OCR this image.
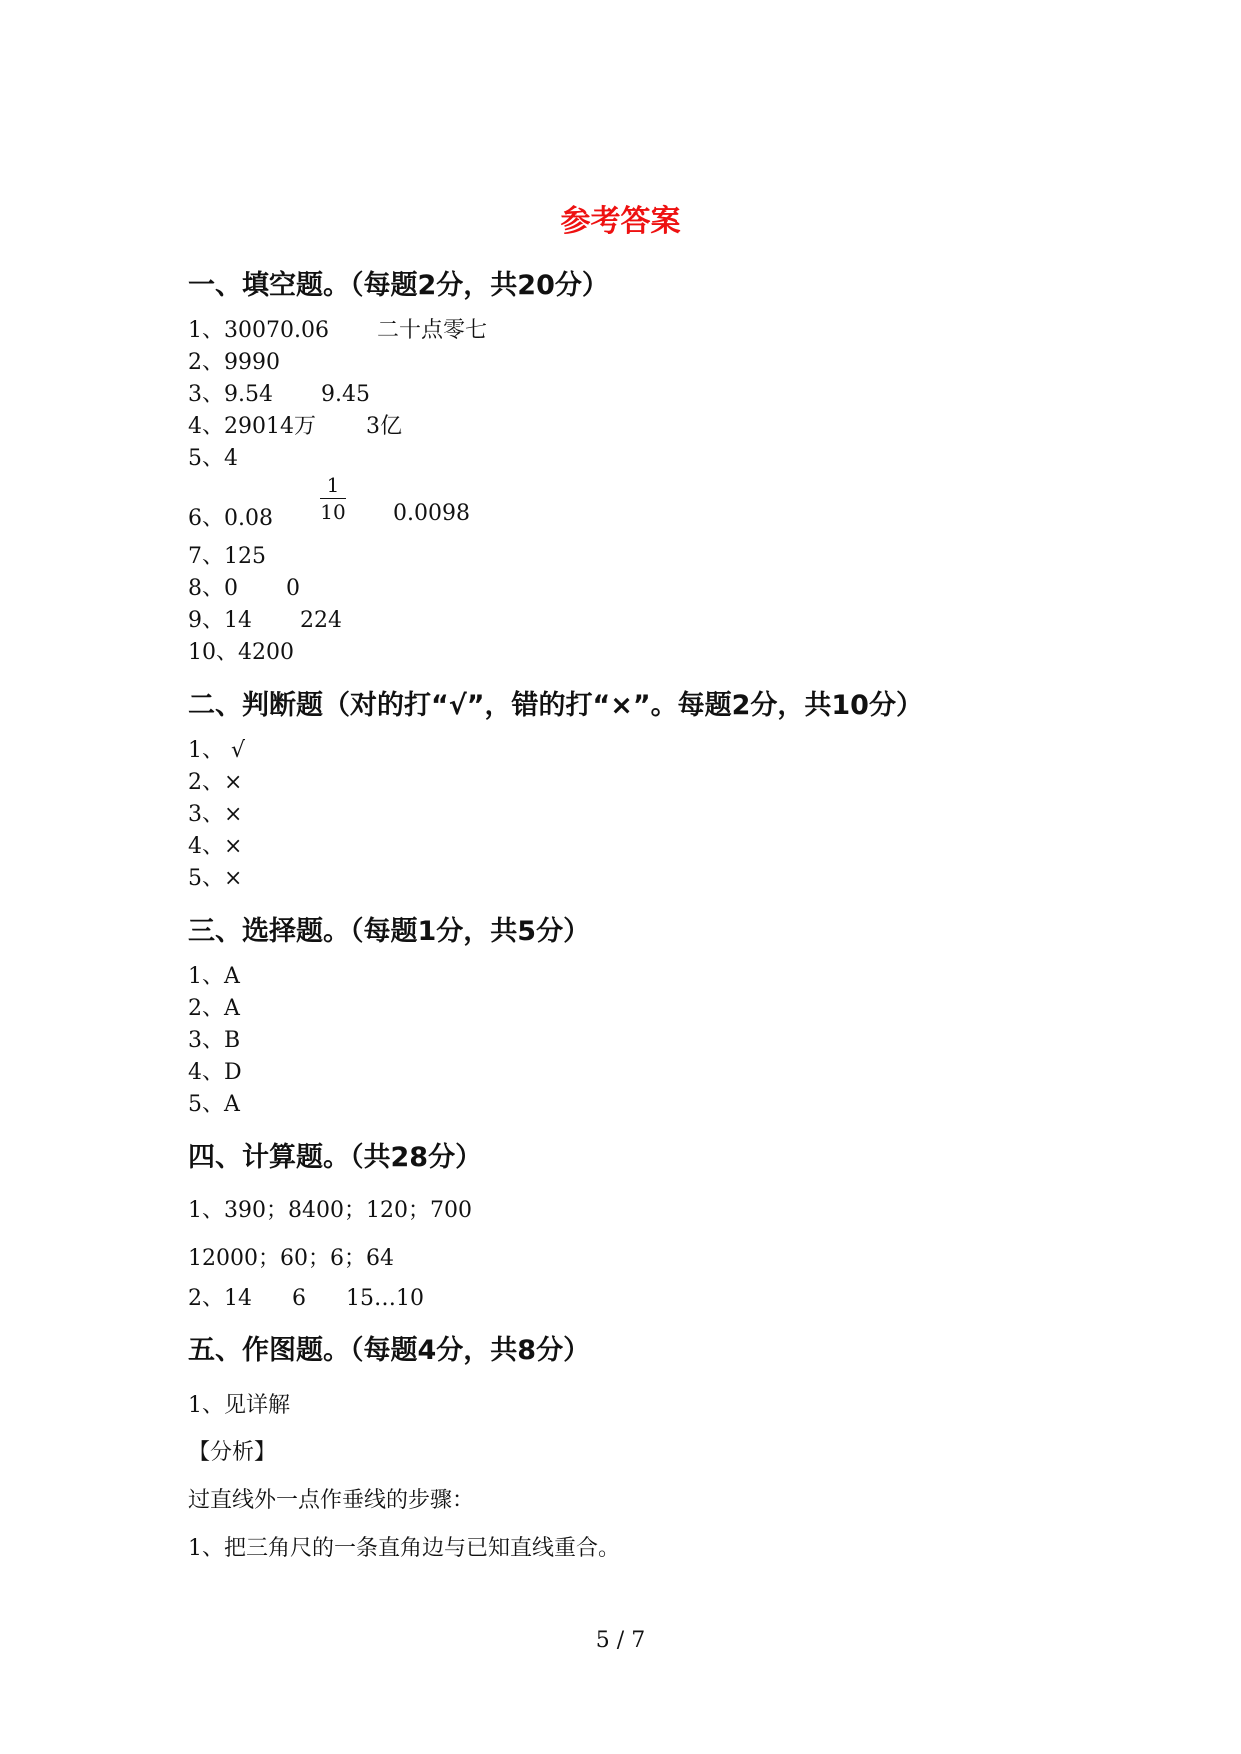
参考答案
一、填空题。（每题2分，共20分）
1、30070.06 二十点零七
2、9990
3、9.54 9.45
4、29014万 3亿
5、4
6、0.08
1
10 0.0098
7、125
8、0 0
9、14 224
10、4200
二、判断题（对的打“√”，错的打“×”。每题2分，共10分）
1、 √
2、×
3、×
4、×
5、×
三、选择题。（每题1分，共5分）
1、A
2、A
3、B
4、D
5、A
四、计算题。（共28分）
1、390；8400；120；700
12000；60；6；64
2、14 6 15…10
五、作图题。（每题4分，共8分）
1、见详解
【分析】
过直线外一点作垂线的步骤：
1、把三角尺的一条直角边与已知直线重合。
5 / 7
